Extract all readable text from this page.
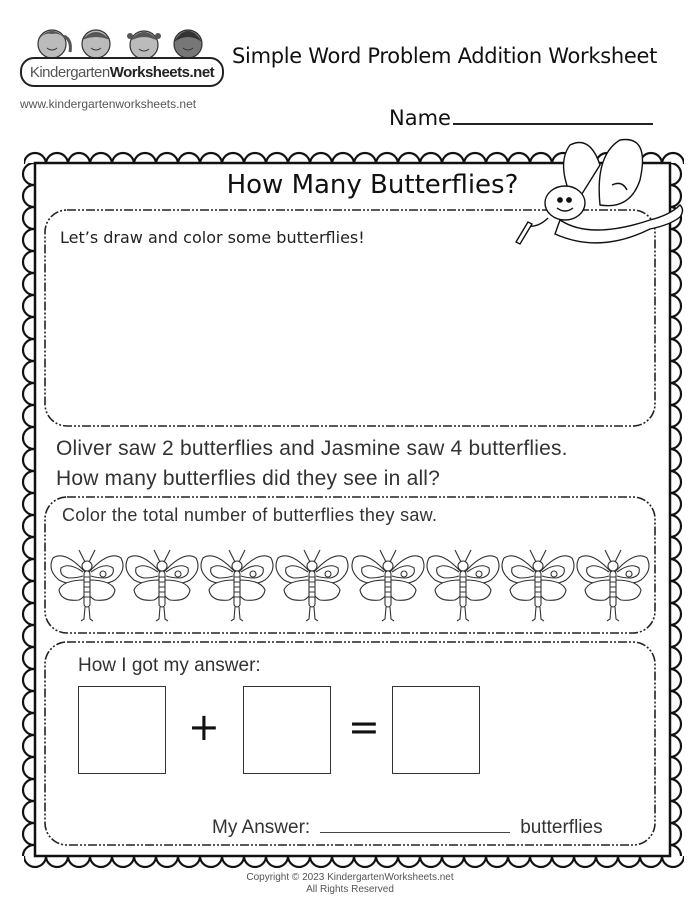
Kindergarten Worksheets.net
www.kindergartenworksheets.net
Simple Word Problem Addition Worksheet
Name
How Many Butterflies?
Let’s draw and color some butterflies!
Oliver saw 2 butterflies and Jasmine saw 4 butterflies.
How many butterflies did they see in all?
Color the total number of butterflies they saw.
How I got my answer:
+	=
My Answer:	butterflies
Copyright © 2023 KindergartenWorksheets.net
All Rights Reserved
